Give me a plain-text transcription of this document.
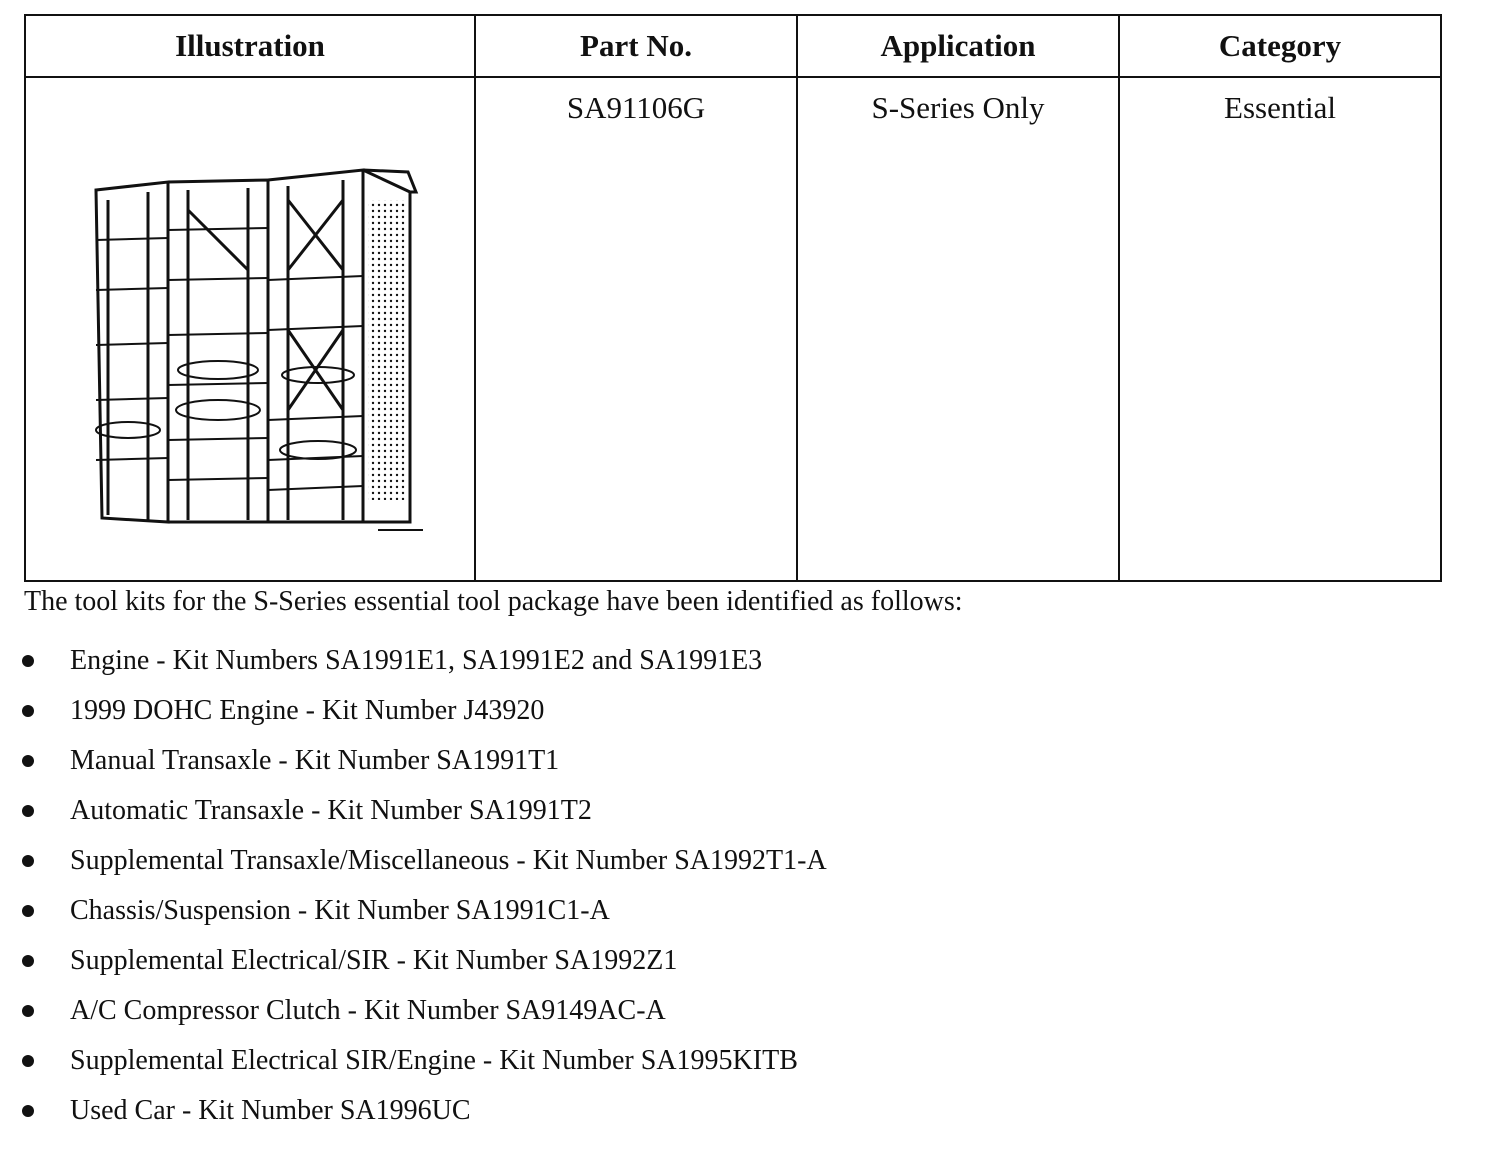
Illustration	Part No.	Application	Category

	SA91106G	S-Series Only	Essential
The tool kits for the S-Series essential tool package have been identified as follows:
Engine - Kit Numbers SA1991E1, SA1991E2 and SA1991E3
1999 DOHC Engine - Kit Number J43920
Manual Transaxle - Kit Number SA1991T1
Automatic Transaxle - Kit Number SA1991T2
Supplemental Transaxle/Miscellaneous - Kit Number SA1992T1-A
Chassis/Suspension - Kit Number SA1991C1-A
Supplemental Electrical/SIR - Kit Number SA1992Z1
A/C Compressor Clutch - Kit Number SA9149AC-A
Supplemental Electrical SIR/Engine - Kit Number SA1995KITB
Used Car - Kit Number SA1996UC
